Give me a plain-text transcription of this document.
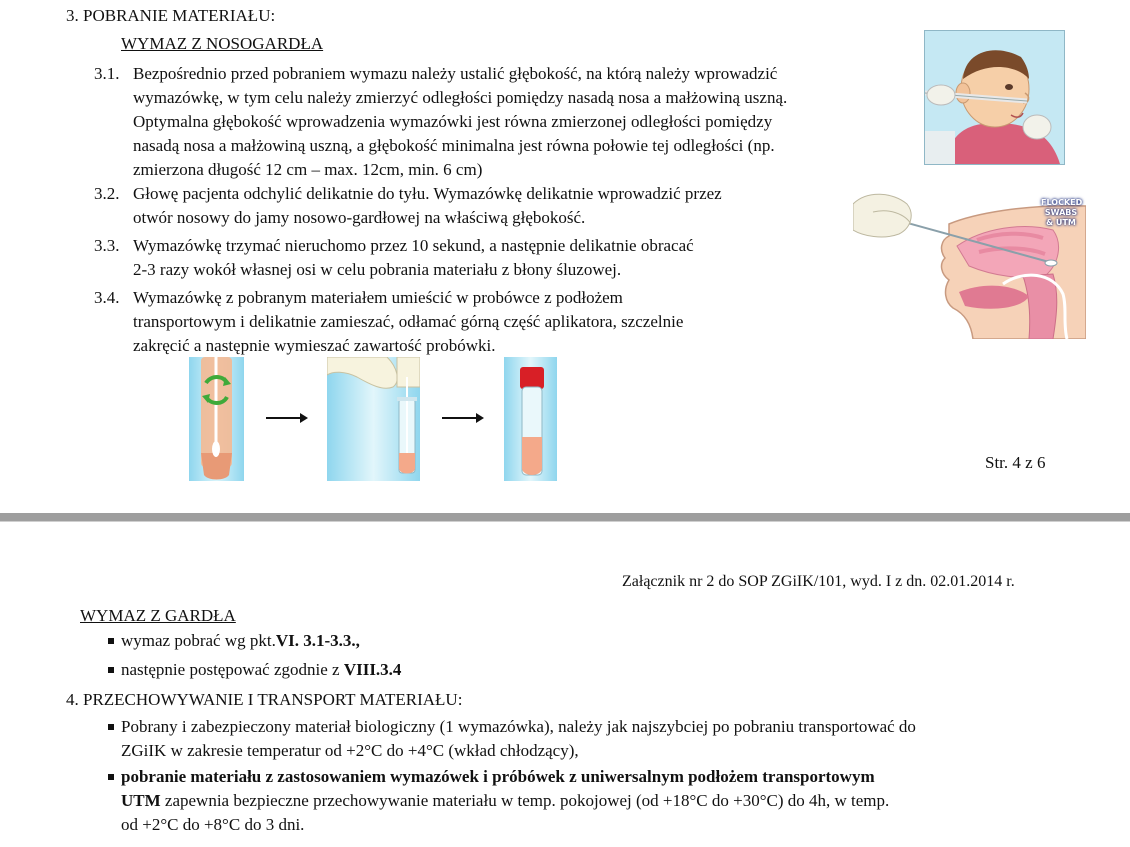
3. POBRANIE MATERIAŁU:
WYMAZ Z NOSOGARDŁA
3.1. Bezpośrednio przed pobraniem wymazu należy ustalić głębokość, na którą należy wprowadzić
wymazówkę, w tym celu należy zmierzyć odległości pomiędzy nasadą nosa a małżowiną uszną.
Optymalna głębokość wprowadzenia wymazówki jest równa zmierzonej odległości pomiędzy
nasadą nosa a małżowiną uszną, a głębokość minimalna jest równa połowie tej odległości (np.
zmierzona długość 12 cm – max. 12cm, min. 6 cm)
3.2. Głowę pacjenta odchylić delikatnie do tyłu. Wymazówkę delikatnie wprowadzić przez
otwór nosowy do jamy nosowo-gardłowej na właściwą głębokość.
3.3. Wymazówkę trzymać nieruchomo przez 10 sekund, a następnie delikatnie obracać
2-3 razy wokół własnej osi w celu pobrania materiału z błony śluzowej.
3.4. Wymazówkę z pobranym materiałem umieścić w probówce z podłożem
transportowym i delikatnie zamieszać, odłamać górną część aplikatora, szczelnie
zakręcić a następnie wymieszać zawartość probówki.
FLOCKED SWABS & UTM
Str. 4 z 6
Załącznik nr 2 do SOP ZGiIK/101, wyd. I z dn. 02.01.2014 r.
WYMAZ Z GARDŁA
wymaz pobrać wg pkt.VI. 3.1-3.3.,
następnie postępować zgodnie z VIII.3.4
4. PRZECHOWYWANIE I TRANSPORT MATERIAŁU:
Pobrany i zabezpieczony materiał biologiczny (1 wymazówka), należy jak najszybciej po pobraniu transportować do
ZGiIK w zakresie temperatur od +2°C do +4°C (wkład chłodzący),
pobranie materiału z zastosowaniem wymazówek i próbówek z uniwersalnym podłożem transportowym
UTM zapewnia bezpieczne przechowywanie materiału w temp. pokojowej (od +18°C do +30°C) do 4h, w temp.
od +2°C do +8°C do 3 dni.
